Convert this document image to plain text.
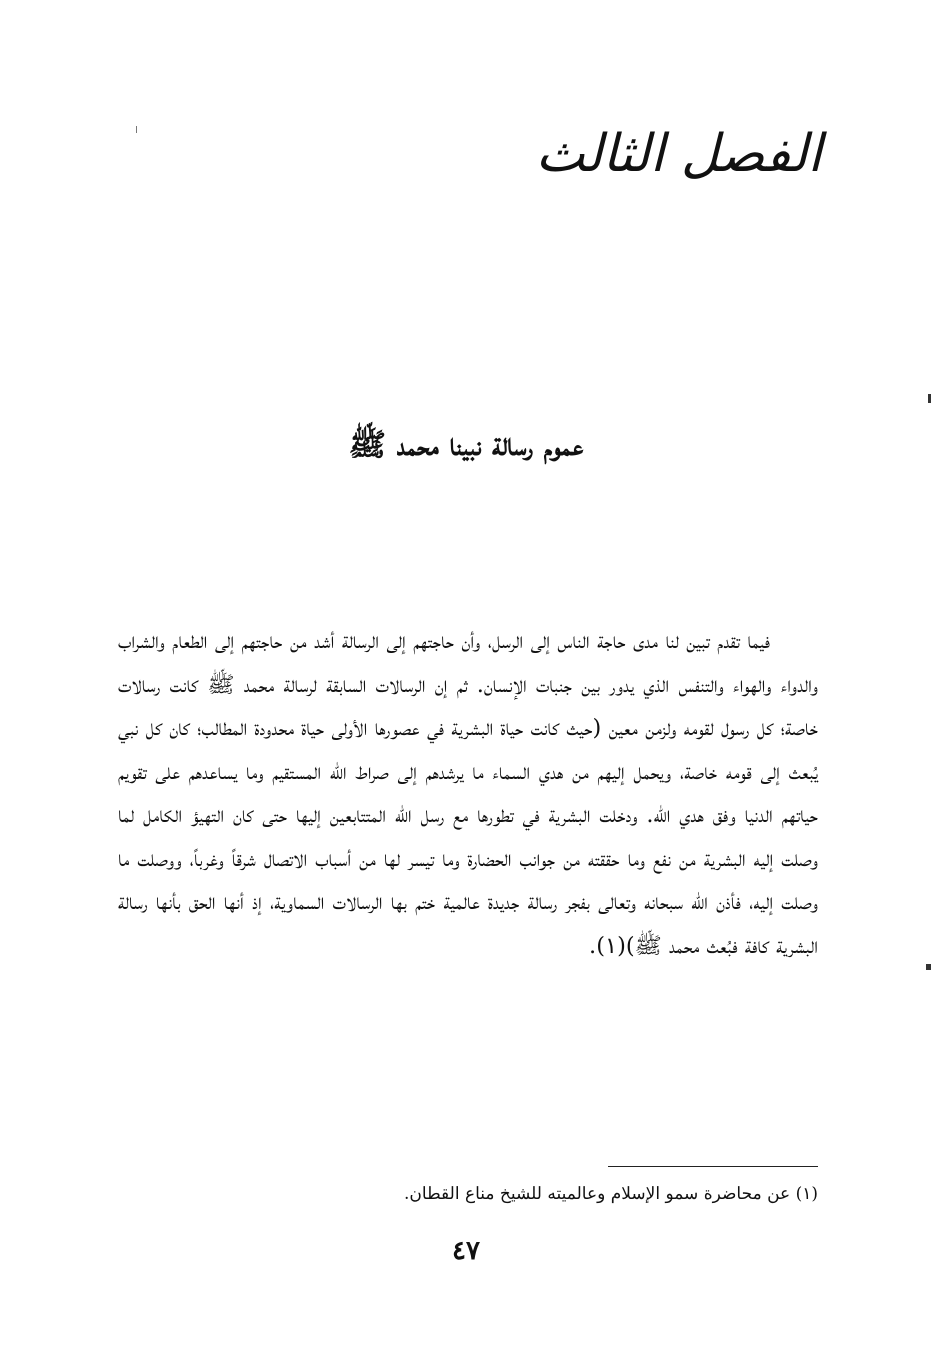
الفصل الثالث
عموم رسالة نبينا محمد ﷺ

فيما تقدم تبين لنا مدى حاجة الناس إلى الرسل، وأن حاجتهم إلى الرسالة أشد من حاجتهم إلى الطعام والشراب والدواء والهواء والتنفس الذي يدور بين جنبات الإنسان. ثم إن الرسالات السابقة لرسالة محمد ﷺ كانت رسالات خاصة؛ كل رسول لقومه ولزمن معين (حيث كانت حياة البشرية في عصورها الأولى حياة محدودة المطالب؛ كان كل نبي يُبعث إلى قومه خاصة، ويحمل إليهم من هدي السماء ما يرشدهم إلى صراط الله المستقيم وما يساعدهم على تقويم حياتهم الدنيا وفق هدي الله. ودخلت البشرية في تطورها مع رسل الله المتتابعين إليها حتى كان التهيؤ الكامل لما وصلت إليه البشرية من نفع وما حققته من جوانب الحضارة وما تيسر لها من أسباب الاتصال شرقاً وغرباً، ووصلت ما وصلت إليه، فأذن الله سبحانه وتعالى بفجر رسالة جديدة عالمية ختم بها الرسالات السماوية، إذ أنها الحق بأنها رسالة البشرية كافة فبُعث محمد ﷺ)(١).

(١) عن محاضرة سمو الإسلام وعالميته للشيخ مناع القطان.
٤٧
